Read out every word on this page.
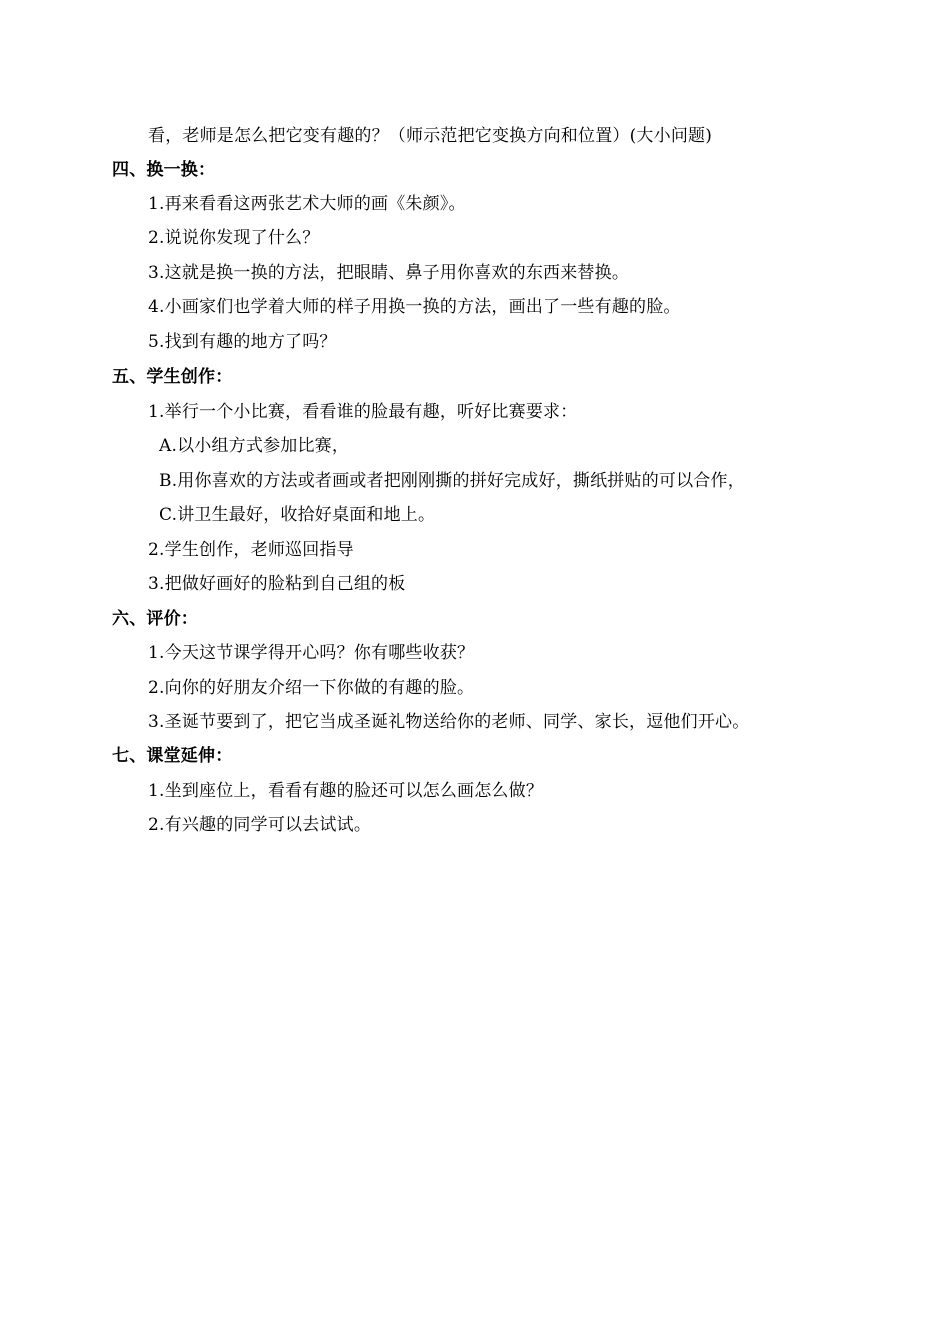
看，老师是怎么把它变有趣的？（师示范把它变换方向和位置）(大小问题)
四、换一换：
1.再来看看这两张艺术大师的画《朱颜》。
2.说说你发现了什么？
3.这就是换一换的方法，把眼睛、鼻子用你喜欢的东西来替换。
4.小画家们也学着大师的样子用换一换的方法，画出了一些有趣的脸。
5.找到有趣的地方了吗？
五、学生创作：
1.举行一个小比赛，看看谁的脸最有趣，听好比赛要求：
A.以小组方式参加比赛，
B.用你喜欢的方法或者画或者把刚刚撕的拼好完成好，撕纸拼贴的可以合作，
C.讲卫生最好，收拾好桌面和地上。
2.学生创作，老师巡回指导
3.把做好画好的脸粘到自己组的板
六、评价：
1.今天这节课学得开心吗？你有哪些收获？
2.向你的好朋友介绍一下你做的有趣的脸。
3.圣诞节要到了，把它当成圣诞礼物送给你的老师、同学、家长，逗他们开心。
七、课堂延伸：
1.坐到座位上，看看有趣的脸还可以怎么画怎么做？
2.有兴趣的同学可以去试试。
